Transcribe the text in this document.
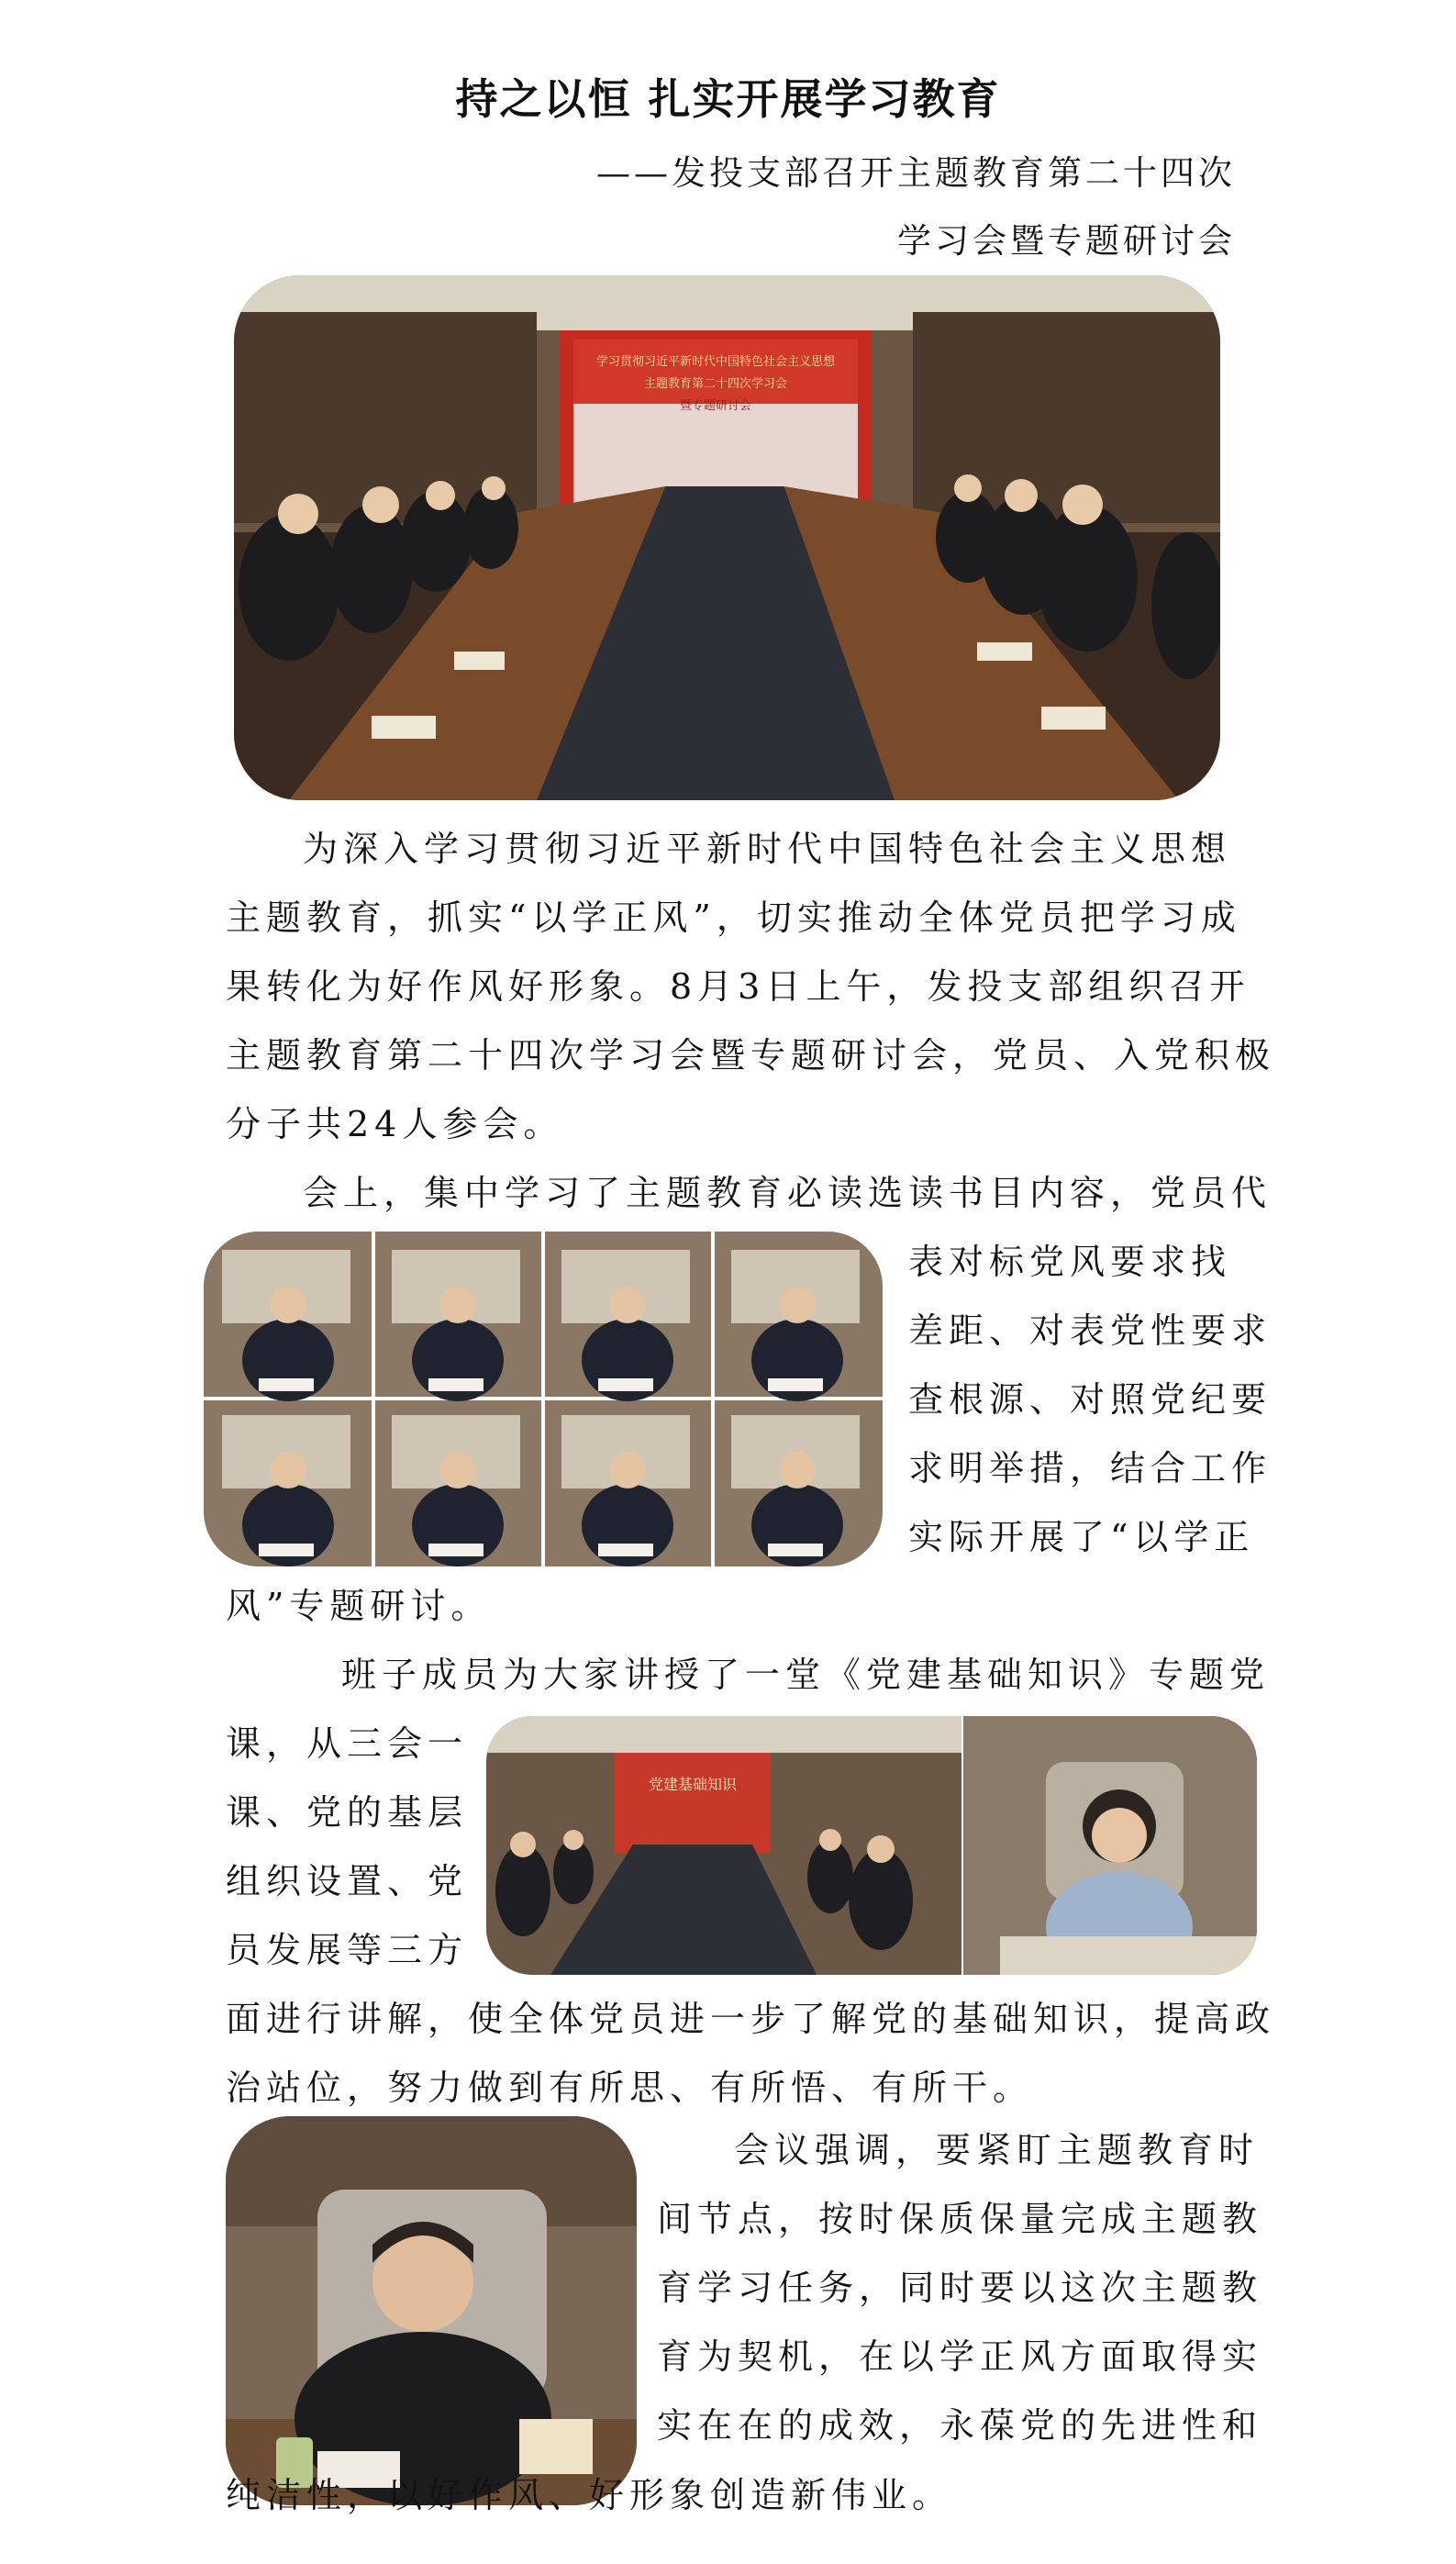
持之以恒 扎实开展学习教育
——发投支部召开主题教育第二十四次
学习会暨专题研讨会
学习贯彻习近平新时代中国特色社会主义思想
主题教育第二十四次学习会
暨专题研讨会
为深入学习贯彻习近平新时代中国特色社会主义思想
主题教育，抓实“以学正风”，切实推动全体党员把学习成
果转化为好作风好形象。8月3日上午，发投支部组织召开
主题教育第二十四次学习会暨专题研讨会，党员、入党积极
分子共24人参会。
会上，集中学习了主题教育必读选读书目内容，党员代
表对标党风要求找
差距、对表党性要求
查根源、对照党纪要
求明举措，结合工作
实际开展了“以学正
风”专题研讨。
班子成员为大家讲授了一堂《党建基础知识》专题党
课，从三会一
课、党的基层
组织设置、党
员发展等三方
党建基础知识
面进行讲解，使全体党员进一步了解党的基础知识，提高政
治站位，努力做到有所思、有所悟、有所干。
会议强调，要紧盯主题教育时
间节点，按时保质保量完成主题教
育学习任务，同时要以这次主题教
育为契机，在以学正风方面取得实
实在在的成效，永葆党的先进性和
纯洁性，以好作风、好形象创造新伟业。
